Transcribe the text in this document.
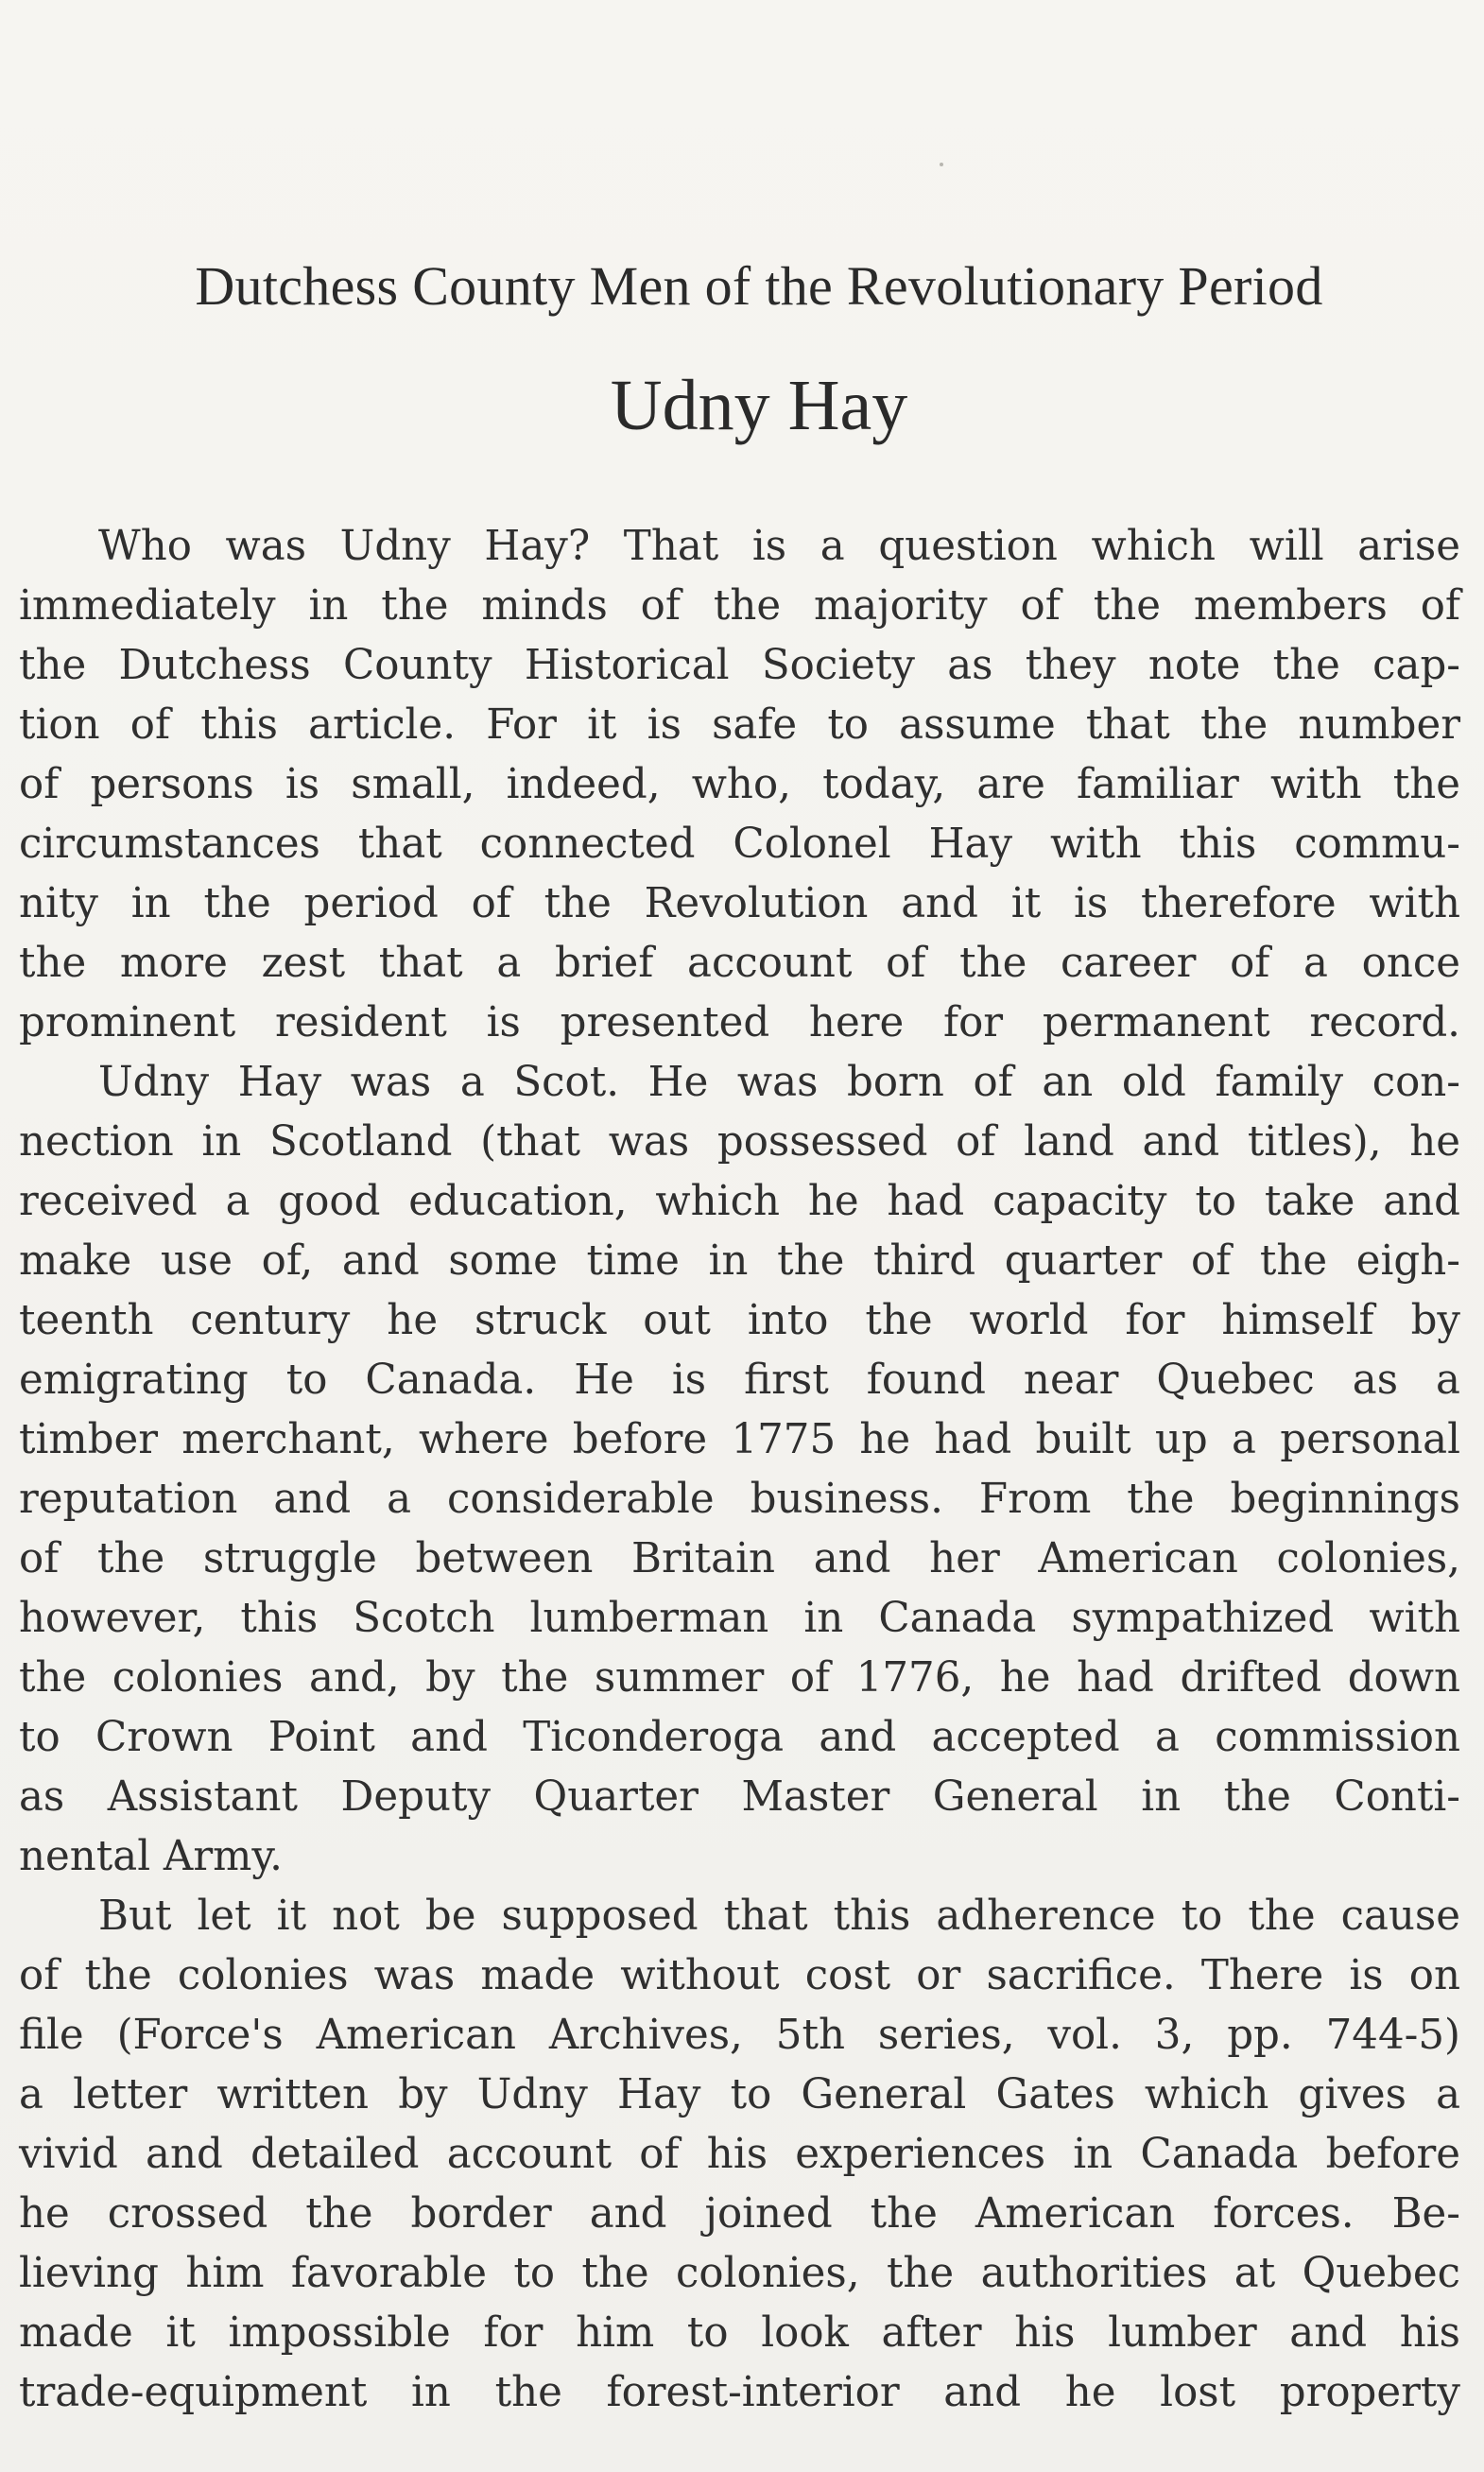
Dutchess County Men of the Revolutionary Period

Udny Hay
Who was Udny Hay? That is a question which will arise
immediately in the minds of the majority of the members of
the Dutchess County Historical Society as they note the cap-
tion of this article. For it is safe to assume that the number
of persons is small, indeed, who, today, are familiar with the
circumstances that connected Colonel Hay with this commu-
nity in the period of the Revolution and it is therefore with
the more zest that a brief account of the career of a once
prominent resident is presented here for permanent record.
Udny Hay was a Scot. He was born of an old family con-
nection in Scotland (that was possessed of land and titles), he
received a good education, which he had capacity to take and
make use of, and some time in the third quarter of the eigh-
teenth century he struck out into the world for himself by
emigrating to Canada. He is first found near Quebec as a
timber merchant, where before 1775 he had built up a personal
reputation and a considerable business. From the beginnings
of the struggle between Britain and her American colonies,
however, this Scotch lumberman in Canada sympathized with
the colonies and, by the summer of 1776, he had drifted down
to Crown Point and Ticonderoga and accepted a commission
as Assistant Deputy Quarter Master General in the Conti-
nental Army.
But let it not be supposed that this adherence to the cause
of the colonies was made without cost or sacrifice. There is on
file (Force's American Archives, 5th series, vol. 3, pp. 744-5)
a letter written by Udny Hay to General Gates which gives a
vivid and detailed account of his experiences in Canada before
he crossed the border and joined the American forces. Be-
lieving him favorable to the colonies, the authorities at Quebec
made it impossible for him to look after his lumber and his
trade-equipment in the forest-interior and he lost property
